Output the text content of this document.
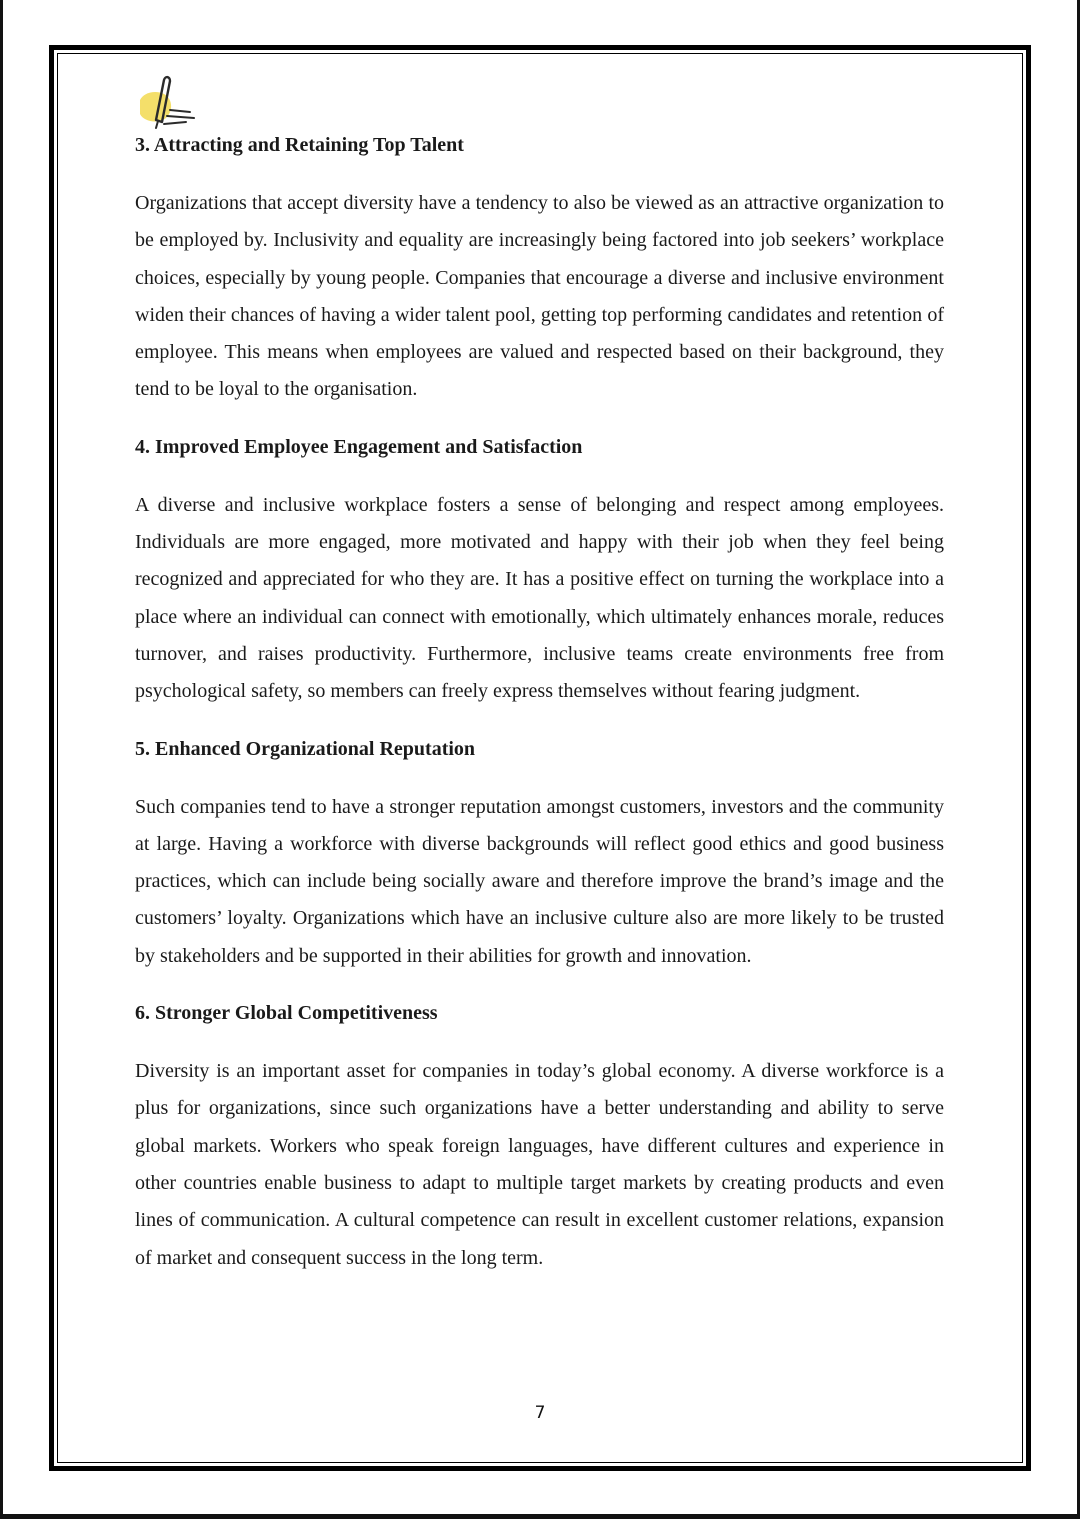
3. Attracting and Retaining Top Talent

Organizations that accept diversity have a tendency to also be viewed as an attractive organization to be employed by. Inclusivity and equality are increasingly being factored into job seekers’ workplace choices, especially by young people. Companies that encourage a diverse and inclusive environment widen their chances of having a wider talent pool, getting top performing candidates and retention of employee. This means when employees are valued and respected based on their background, they tend to be loyal to the organisation.

4. Improved Employee Engagement and Satisfaction

A diverse and inclusive workplace fosters a sense of belonging and respect among employees. Individuals are more engaged, more motivated and happy with their job when they feel being recognized and appreciated for who they are. It has a positive effect on turning the workplace into a place where an individual can connect with emotionally, which ultimately enhances morale, reduces turnover, and raises productivity. Furthermore, inclusive teams create environments free from psychological safety, so members can freely express themselves without fearing judgment.

5. Enhanced Organizational Reputation

Such companies tend to have a stronger reputation amongst customers, investors and the community at large. Having a workforce with diverse backgrounds will reflect good ethics and good business practices, which can include being socially aware and therefore improve the brand’s image and the customers’ loyalty. Organizations which have an inclusive culture also are more likely to be trusted by stakeholders and be supported in their abilities for growth and innovation.

6. Stronger Global Competitiveness

Diversity is an important asset for companies in today’s global economy. A diverse workforce is a plus for organizations, since such organizations have a better understanding and ability to serve global markets. Workers who speak foreign languages, have different cultures and experience in other countries enable business to adapt to multiple target markets by creating products and even lines of communication. A cultural competence can result in excellent customer relations, expansion of market and consequent success in the long term.

7
